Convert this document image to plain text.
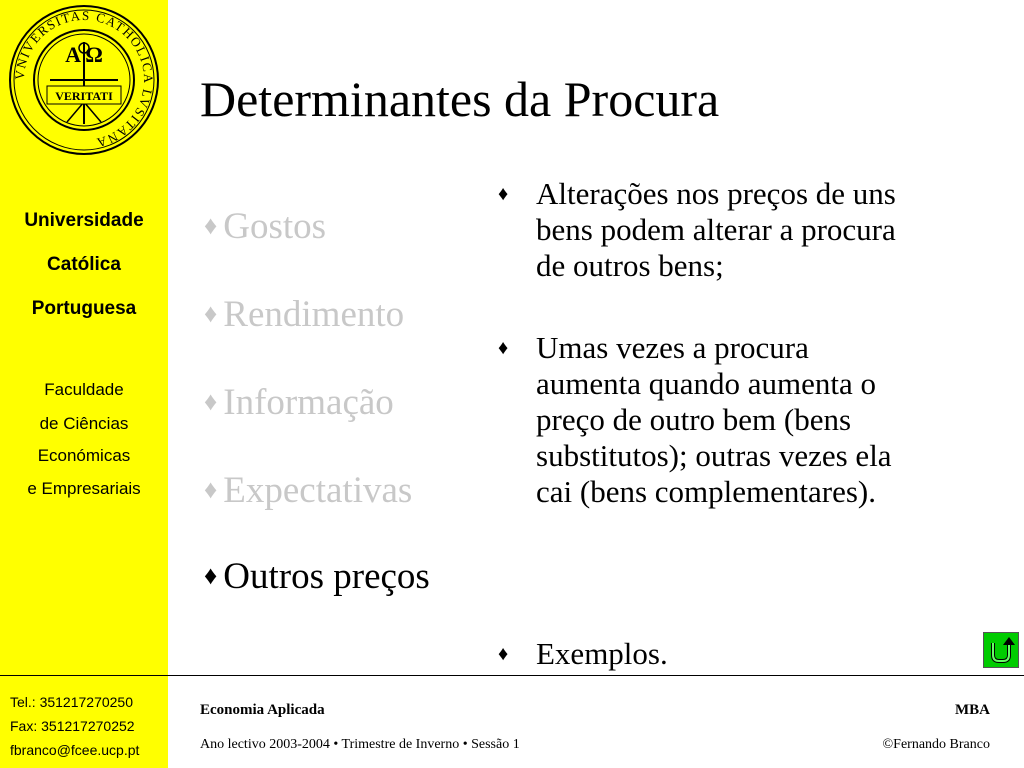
VNIVERSITAS CATHOLICA LVSITANA
A Ω
VERITATI
Universidade
Católica
Portuguesa
Faculdade
de Ciências
Económicas
e Empresariais
Tel.: 351217270250
Fax: 351217270252
fbranco@fcee.ucp.pt
Determinantes da Procura
♦ Gostos
♦ Rendimento
♦ Informação
♦ Expectativas
♦ Outros preços
♦ Alterações nos preços de uns
bens podem alterar a procura
de outros bens;
♦ Umas vezes a procura
aumenta quando aumenta o
preço de outro bem (bens
substitutos); outras vezes ela
cai (bens complementares).
♦ Exemplos.
Economia Aplicada
Ano lectivo 2003-2004 • Trimestre de Inverno • Sessão 1
MBA
©Fernando Branco
